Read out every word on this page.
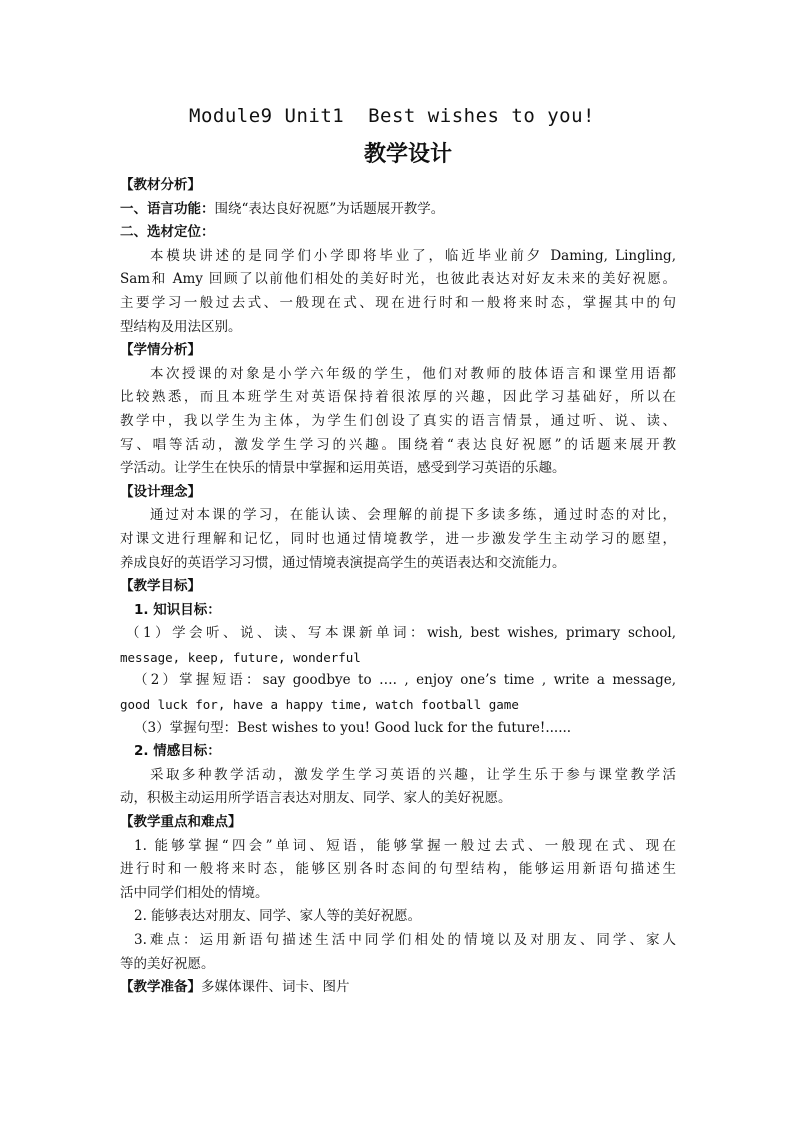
Module9 Unit1  Best wishes to you!
教学设计
【教材分析】
一、语言功能：围绕“表达良好祝愿”为话题展开教学。
二、选材定位：
本模块讲述的是同学们小学即将毕业了，临近毕业前夕 Daming, Lingling,
Sam和 Amy 回顾了以前他们相处的美好时光，也彼此表达对好友未来的美好祝愿。
主要学习一般过去式、一般现在式、现在进行时和一般将来时态，掌握其中的句
型结构及用法区别。
【学情分析】
本次授课的对象是小学六年级的学生，他们对教师的肢体语言和课堂用语都
比较熟悉，而且本班学生对英语保持着很浓厚的兴趣，因此学习基础好，所以在
教学中，我以学生为主体，为学生们创设了真实的语言情景，通过听、说、读、
写、唱等活动，激发学生学习的兴趣。围绕着“表达良好祝愿”的话题来展开教
学活动。让学生在快乐的情景中掌握和运用英语，感受到学习英语的乐趣。
【设计理念】
通过对本课的学习，在能认读、会理解的前提下多读多练，通过时态的对比，
对课文进行理解和记忆，同时也通过情境教学，进一步激发学生主动学习的愿望，
养成良好的英语学习习惯，通过情境表演提高学生的英语表达和交流能力。
【教学目标】
1. 知识目标：
（1）学会听、说、读、写本课新单词：wish, best wishes, primary school,
message, keep, future, wonderful
（2）掌握短语：say goodbye to …. , enjoy one’s time , write a message,
good luck for, have a happy time, watch football game
（3）掌握句型：Best wishes to you! Good luck for the future!......
2. 情感目标：
采取多种教学活动，激发学生学习英语的兴趣，让学生乐于参与课堂教学活
动，积极主动运用所学语言表达对朋友、同学、家人的美好祝愿。
【教学重点和难点】
1. 能够掌握“四会”单词、短语，能够掌握一般过去式、一般现在式、现在
进行时和一般将来时态，能够区别各时态间的句型结构，能够运用新语句描述生
活中同学们相处的情境。
2. 能够表达对朋友、同学、家人等的美好祝愿。
3.难点：运用新语句描述生活中同学们相处的情境以及对朋友、同学、家人
等的美好祝愿。
【教学准备】多媒体课件、词卡、图片
